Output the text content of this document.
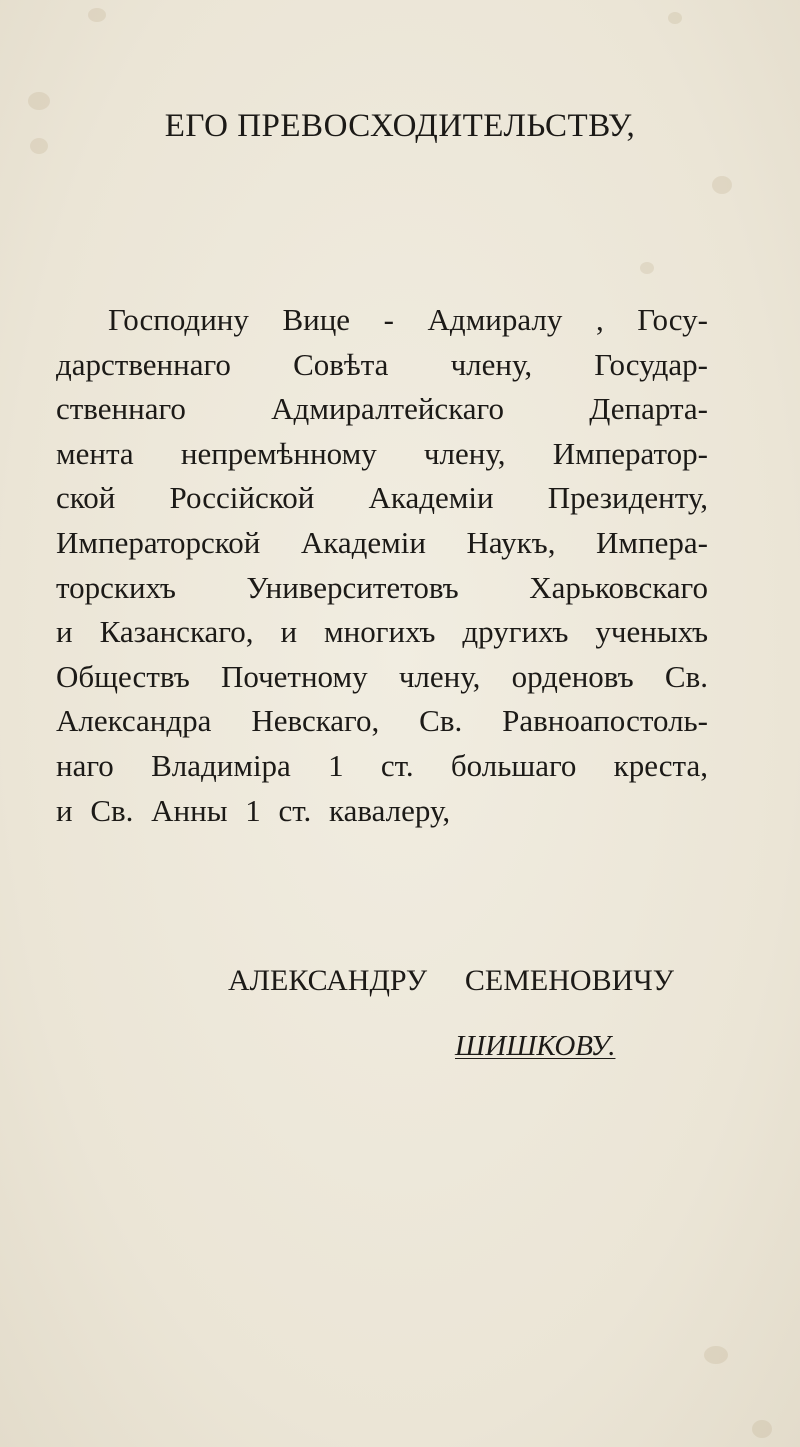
ЕГО ПРЕВОСХОДИТЕЛЬСТВУ,
Господину Вице - Адмиралу , Госу-
дарственнаго Совѣта члену, Государ-
ственнаго	Адмиралтейскаго	Департа-
мента непремѣнному члену, Император-
ской Россійской Академіи Президенту,
Императорской Академіи Наукъ, Импера-
торскихъ Университетовъ Харьковскаго
и Казанскаго, и многихъ другихъ ученыхъ
Обществъ Почетному члену, орденовъ Св.
Александра Невскаго, Св. Равноапостоль-
наго Владиміра 1 ст. большаго креста,
и Св. Анны 1 ст. кавалеру,
АЛЕКСАНДРУ СЕМЕНОВИЧУ
ШИШКОВУ.
